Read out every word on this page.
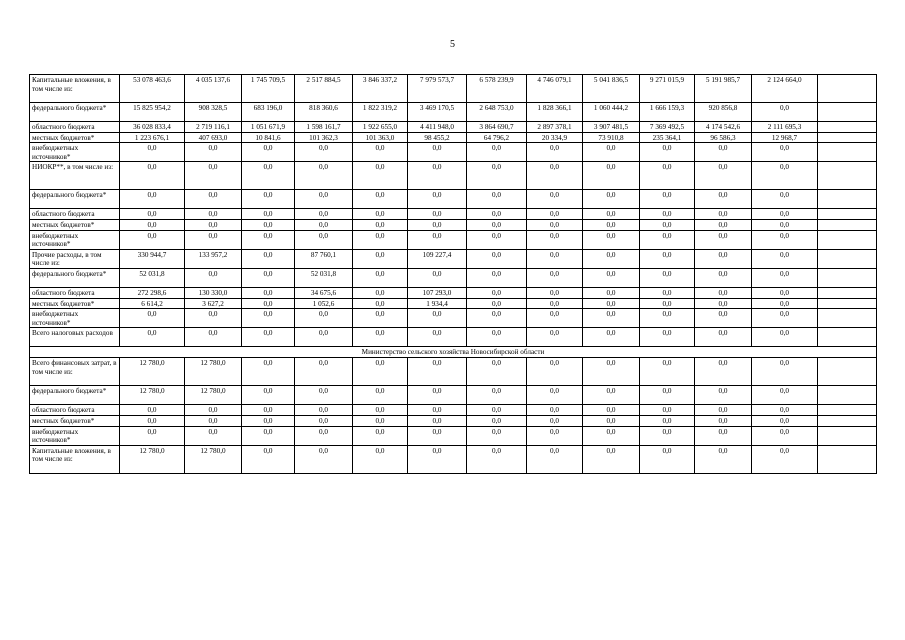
5
Капитальные вложения, в том числе из:	53 078 463,6	4 035 137,6	1 745 709,5	2 517 884,5	3 846 337,2	7 979 573,7	6 578 239,9	4 746 079,1	5 041 836,5	9 271 015,9	5 191 985,7	2 124 664,0	
федерального бюджета*	15 825 954,2	908 328,5	683 196,0	818 360,6	1 822 319,2	3 469 170,5	2 648 753,0	1 828 366,1	1 060 444,2	1 666 159,3	920 856,8	0,0	
областного бюджета	36 028 833,4	2 719 116,1	1 051 671,9	1 598 161,7	1 922 655,0	4 411 948,0	3 864 690,7	2 897 378,1	3 907 481,5	7 369 492,5	4 174 542,6	2 111 695,3	
местных бюджетов*	1 223 676,1	407 693,0	10 841,6	101 362,3	101 363,0	98 455,2	64 796,2	20 334,9	73 910,8	235 364,1	96 586,3	12 968,7	
внебюджетных источников*	0,0	0,0	0,0	0,0	0,0	0,0	0,0	0,0	0,0	0,0	0,0	0,0	
НИОКР**, в том числе из:	0,0	0,0	0,0	0,0	0,0	0,0	0,0	0,0	0,0	0,0	0,0	0,0	
федерального бюджета*	0,0	0,0	0,0	0,0	0,0	0,0	0,0	0,0	0,0	0,0	0,0	0,0	
областного бюджета	0,0	0,0	0,0	0,0	0,0	0,0	0,0	0,0	0,0	0,0	0,0	0,0	
местных бюджетов*	0,0	0,0	0,0	0,0	0,0	0,0	0,0	0,0	0,0	0,0	0,0	0,0	
внебюджетных источников*	0,0	0,0	0,0	0,0	0,0	0,0	0,0	0,0	0,0	0,0	0,0	0,0	
Прочие расходы, в том числе из:	330 944,7	133 957,2	0,0	87 760,1	0,0	109 227,4	0,0	0,0	0,0	0,0	0,0	0,0	
федерального бюджета*	52 031,8	0,0	0,0	52 031,8	0,0	0,0	0,0	0,0	0,0	0,0	0,0	0,0	
областного бюджета	272 298,6	130 330,0	0,0	34 675,6	0,0	107 293,0	0,0	0,0	0,0	0,0	0,0	0,0	
местных бюджетов*	6 614,2	3 627,2	0,0	1 052,6	0,0	1 934,4	0,0	0,0	0,0	0,0	0,0	0,0	
внебюджетных источников*	0,0	0,0	0,0	0,0	0,0	0,0	0,0	0,0	0,0	0,0	0,0	0,0	
Всего налоговых расходов	0,0	0,0	0,0	0,0	0,0	0,0	0,0	0,0	0,0	0,0	0,0	0,0	
Министерство сельского хозяйства Новосибирской области													
Всего финансовых затрат, в том числе из:	12 780,0	12 780,0	0,0	0,0	0,0	0,0	0,0	0,0	0,0	0,0	0,0	0,0	
федерального бюджета*	12 780,0	12 780,0	0,0	0,0	0,0	0,0	0,0	0,0	0,0	0,0	0,0	0,0	
областного бюджета	0,0	0,0	0,0	0,0	0,0	0,0	0,0	0,0	0,0	0,0	0,0	0,0	
местных бюджетов*	0,0	0,0	0,0	0,0	0,0	0,0	0,0	0,0	0,0	0,0	0,0	0,0	
внебюджетных источников*	0,0	0,0	0,0	0,0	0,0	0,0	0,0	0,0	0,0	0,0	0,0	0,0	
Капитальные вложения, в том числе из:	12 780,0	12 780,0	0,0	0,0	0,0	0,0	0,0	0,0	0,0	0,0	0,0	0,0	
